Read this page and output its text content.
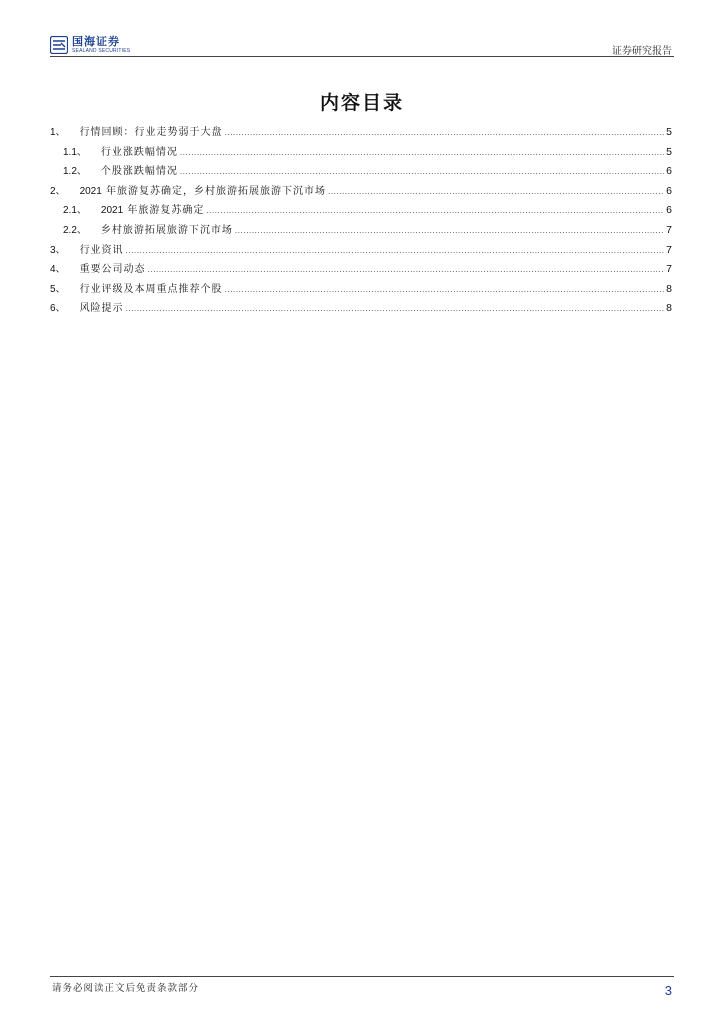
国海证券
SEALAND SECURITIES	证券研究报告
内容目录
1、 行情回顾：行业走势弱于大盘 .....	5
1.1、 行业涨跌幅情况 .....	5
1.2、 个股涨跌幅情况 .....	6
2、 2021 年旅游复苏确定，乡村旅游拓展旅游下沉市场 .....	6
2.1、 2021 年旅游复苏确定 .....	6
2.2、 乡村旅游拓展旅游下沉市场 .....	7
3、 行业资讯 .....	7
4、 重要公司动态 .....	7
5、 行业评级及本周重点推荐个股 .....	8
6、 风险提示 .....	8
请务必阅读正文后免责条款部分	3
